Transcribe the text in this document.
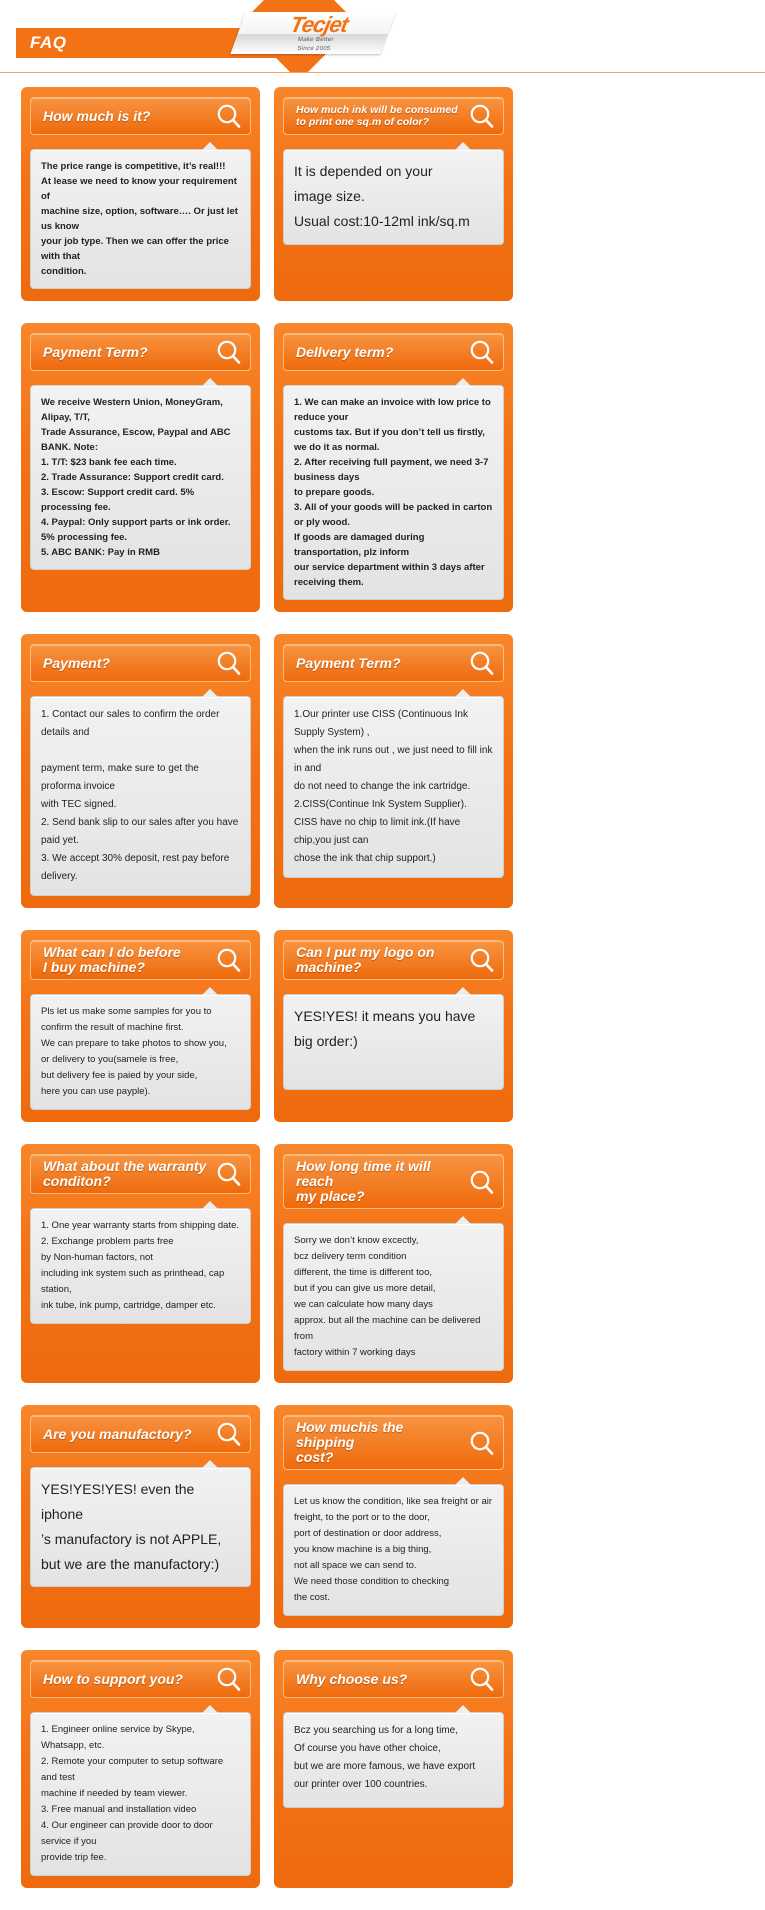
FAQ
Tecjet
Make Better
Since 2005
How much is it?

The price range is competitive, it’s real!!!
At lease we need to know your requirement of
machine size, option, software…. Or just let us know
your job type. Then we can offer the price with that
condition.

How much ink will be consumed
to print one sq.m of color?

It is depended on your
image size.
Usual cost:10-12ml ink/sq.m

Payment Term?

We receive Western Union, MoneyGram, Alipay, T/T,
Trade Assurance, Escow, Paypal and ABC BANK. Note:
1. T/T: $23 bank fee each time.
2. Trade Assurance: Support credit card.
3. Escow: Support credit card. 5% processing fee.
4. Paypal: Only support parts or ink order. 5% processing fee.
5. ABC BANK: Pay in RMB

Dellvery term?

1. We can make an invoice with low price to reduce your
customs tax. But if you don’t tell us firstly, we do it as normal.
2. After receiving full payment, we need 3-7 business days
to prepare goods.
3. All of your goods will be packed in carton or ply wood.
If goods are damaged during transportation, plz inform
our service department within 3 days after receiving them.

Payment?

1. Contact our sales to confirm the order details and

payment term, make sure to get the proforma invoice
with TEC signed.
2. Send bank slip to our sales after you have paid yet.
3. We accept 30% deposit, rest pay before delivery.

Payment Term?

1.Our printer use CISS (Continuous Ink Supply System) ,
when the ink runs out , we just need to fill ink in and
do not need to change the ink cartridge.
2.CISS(Continue Ink System Supplier).
CISS have no chip to limit ink.(If have chip,you just can
chose the ink that chip support.)

What can I do before
I buy machine?

Pls let us make some samples for you to
confirm the result of machine first.
We can prepare to take photos to show you,
or delivery to you(samele is free,
but delivery fee is paied by your side,
here you can use payple).

Can I put my logo on
machine?

YES!YES! it means you have
big order:)

What about the warranty
conditon?

1. One year warranty starts from shipping date.
2. Exchange problem parts free
by Non-human factors, not
including ink system such as printhead, cap station,
ink tube, ink pump, cartridge, damper etc.

How long time it will reach
my place?

Sorry we don’t know excectly,
bcz delivery term condition
different, the time is different too,
but if you can give us more detail,
we can calculate how many days
approx. but all the machine can be delivered from
factory within 7 working days

Are you manufactory?

YES!YES!YES! even the iphone
’s manufactory is not APPLE,
but we are the manufactory:)

How muchis the shipping
cost?

Let us know the condition, like sea freight or air
freight, to the port or to the door,
port of destination or door address,
you know machine is a big thing,
not all space we can send to.
We need those condition to checking
the cost.

How to support you?

1. Engineer online service by Skype, Whatsapp, etc.
2. Remote your computer to setup software and test
machine if needed by team viewer.
3. Free manual and installation video
4. Our engineer can provide door to door service if you
provide trip fee.

Why choose us?

Bcz you searching us for a long time,
Of course you have other choice,
but we are more famous, we have export
our printer over 100 countries.
